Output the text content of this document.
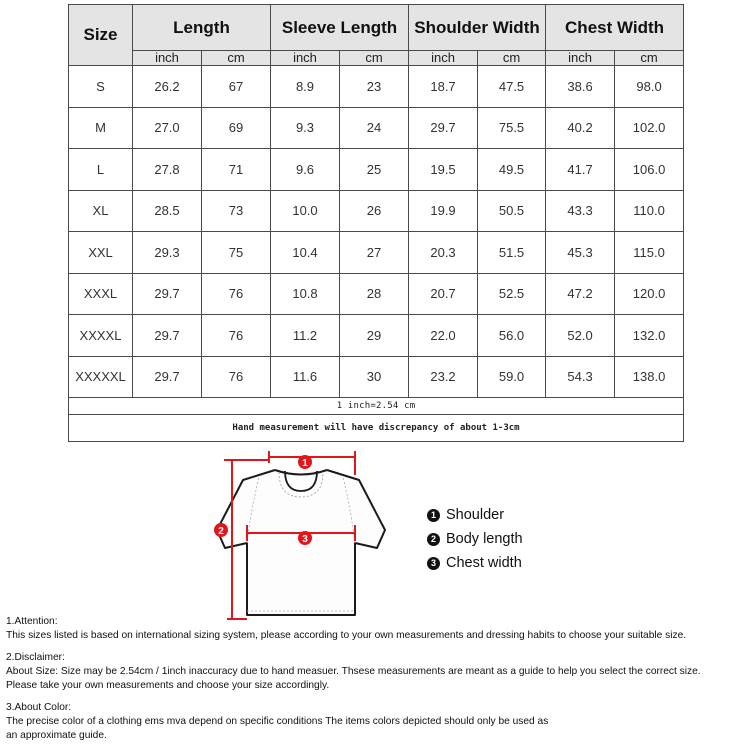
Size	Length		Sleeve Length		Shoulder Width		Chest Width	
	inch	cm	inch	cm	inch	cm	inch	cm
S	26.2	67	8.9	23	18.7	47.5	38.6	98.0
M	27.0	69	9.3	24	29.7	75.5	40.2	102.0
L	27.8	71	9.6	25	19.5	49.5	41.7	106.0
XL	28.5	73	10.0	26	19.9	50.5	43.3	110.0
XXL	29.3	75	10.4	27	20.3	51.5	45.3	115.0
XXXL	29.7	76	10.8	28	20.7	52.5	47.2	120.0
XXXXL	29.7	76	11.2	29	22.0	56.0	52.0	132.0
XXXXXL	29.7	76	11.6	30	23.2	59.0	54.3	138.0
1 inch=2.54 cm								
Hand measurement will have discrepancy of about 1-3cm								
1
2
3
1 Shoulder
2 Body length
3 Chest width

1.Attention:

This sizes listed is based on international sizing system, please according to your own measurements and dressing habits to choose your suitable size.

2.Disclaimer:

About Size: Size may be 2.54cm / 1inch inaccuracy due to hand measuer. Thsese measurements are meant as a guide to help you select the correct size.

Please take your own measurements and choose your size accordingly.

3.About Color:

The precise color of a clothing ems mva depend on specific conditions The items colors depicted should only be used as

an approximate guide.
